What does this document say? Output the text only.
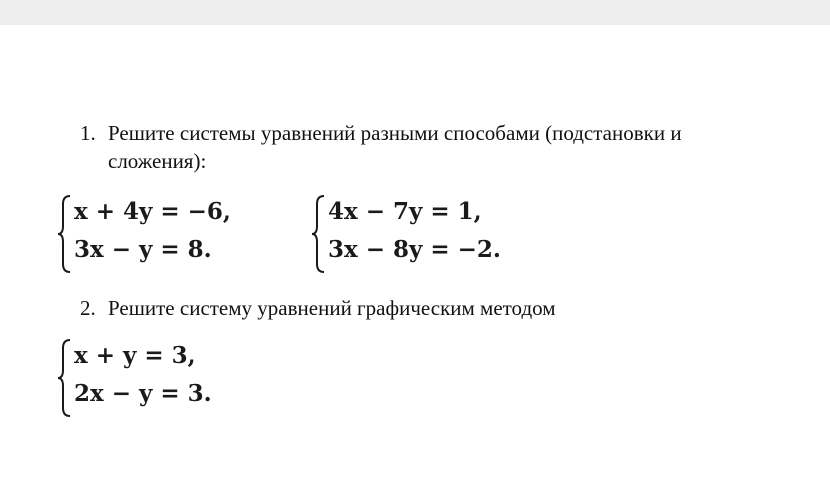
1. Решите системы уравнений разными способами (подстановки и
сложения):
x + 4y = −6,
3x − y = 8.
4x − 7y = 1,
3x − 8y = −2.
2. Решите систему уравнений графическим методом
x + y = 3,
2x − y = 3.
